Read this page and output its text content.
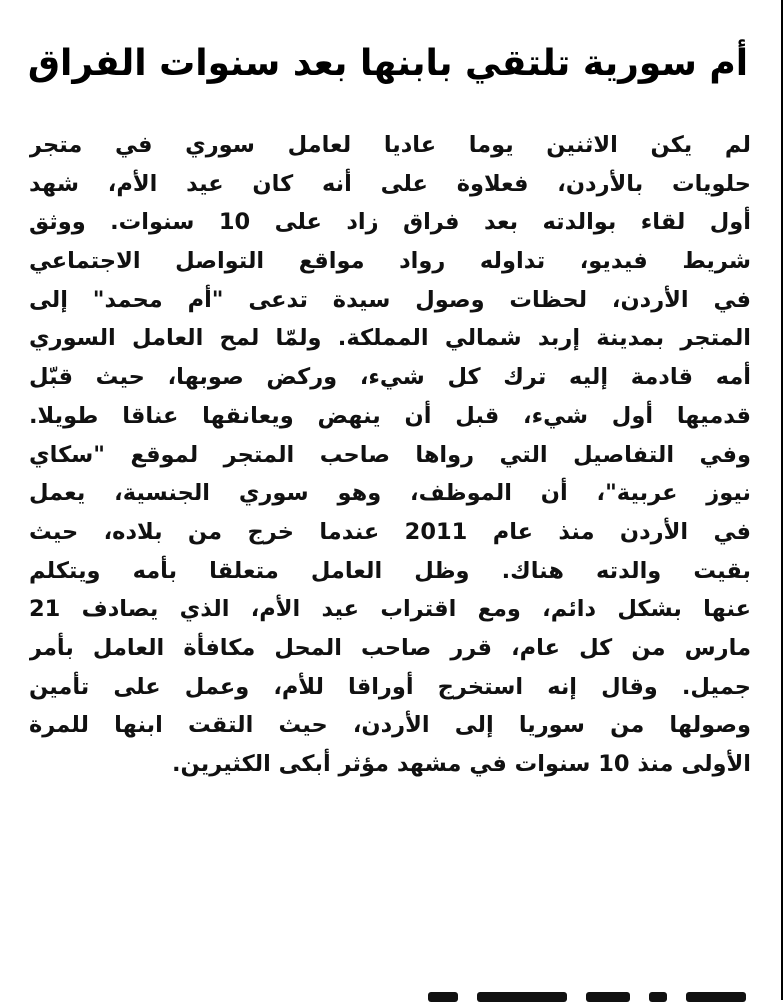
أم سورية تلتقي بابنها بعد سنوات الفراق
لم يكن الاثنين يوما عاديا لعامل سوري في متجر
حلويات بالأردن، فعلاوة على أنه كان عيد الأم، شهد
أول لقاء بوالدته بعد فراق زاد على 10 سنوات. ووثق
شريط فيديو، تداوله رواد مواقع التواصل الاجتماعي
في الأردن، لحظات وصول سيدة تدعى "أم محمد" إلى
المتجر بمدينة إربد شمالي المملكة. ولمّا لمح العامل السوري
أمه قادمة إليه ترك كل شيء، وركض صوبها، حيث قبّل
قدميها أول شيء، قبل أن ينهض ويعانقها عناقا طويلا.
وفي التفاصيل التي رواها صاحب المتجر لموقع "سكاي
نيوز عربية"، أن الموظف، وهو سوري الجنسية، يعمل
في الأردن منذ عام 2011 عندما خرج من بلاده، حيث
بقيت والدته هناك. وظل العامل متعلقا بأمه ويتكلم
عنها بشكل دائم، ومع اقتراب عيد الأم، الذي يصادف 21
مارس من كل عام، قرر صاحب المحل مكافأة العامل بأمر
جميل. وقال إنه استخرج أوراقا للأم، وعمل على تأمين
وصولها من سوريا إلى الأردن، حيث التقت ابنها للمرة
الأولى منذ 10 سنوات في مشهد مؤثر أبكى الكثيرين.
